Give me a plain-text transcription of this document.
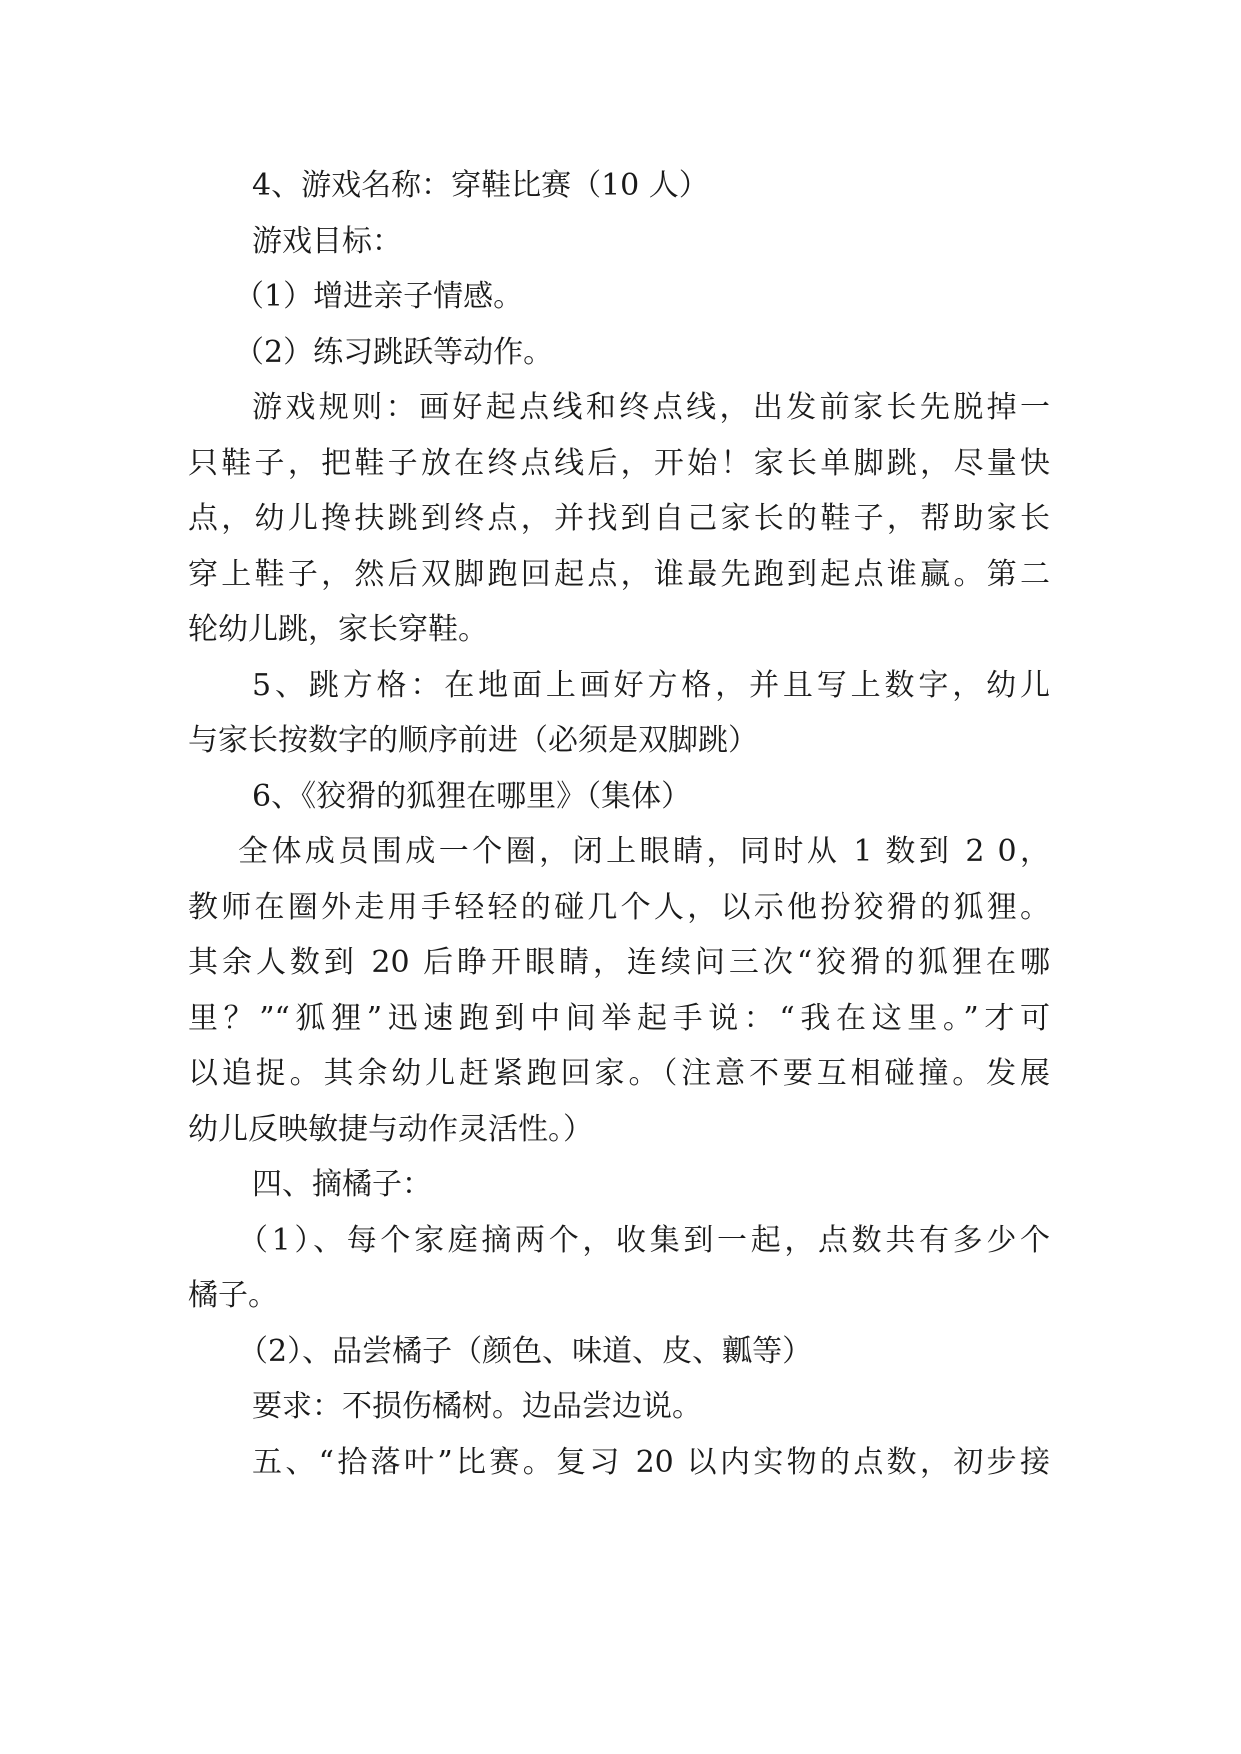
4、游戏名称：穿鞋比赛（10 人）
游戏目标：
（1）增进亲子情感。
（2）练习跳跃等动作。
游戏规则：画好起点线和终点线，出发前家长先脱掉一
只鞋子，把鞋子放在终点线后，开始！家长单脚跳，尽量快
点，幼儿搀扶跳到终点，并找到自己家长的鞋子，帮助家长
穿上鞋子，然后双脚跑回起点，谁最先跑到起点谁赢。第二
轮幼儿跳，家长穿鞋。
5、跳方格：在地面上画好方格，并且写上数字，幼儿
与家长按数字的顺序前进（必须是双脚跳）
6、《狡猾的狐狸在哪里》（集体）
全体成员围成一个圈，闭上眼睛，同时从 1 数到 2 0，
教师在圈外走用手轻轻的碰几个人，以示他扮狡猾的狐狸。
其余人数到 20 后睁开眼睛，连续问三次“狡猾的狐狸在哪
里？”“狐狸”迅速跑到中间举起手说：“我在这里。”才可
以追捉。其余幼儿赶紧跑回家。（注意不要互相碰撞。发展
幼儿反映敏捷与动作灵活性。）
四、摘橘子：
（1）、每个家庭摘两个，收集到一起，点数共有多少个
橘子。
（2）、品尝橘子（颜色、味道、皮、瓤等）
要求：不损伤橘树。边品尝边说。
五、“拾落叶”比赛。复习 20 以内实物的点数，初步接
